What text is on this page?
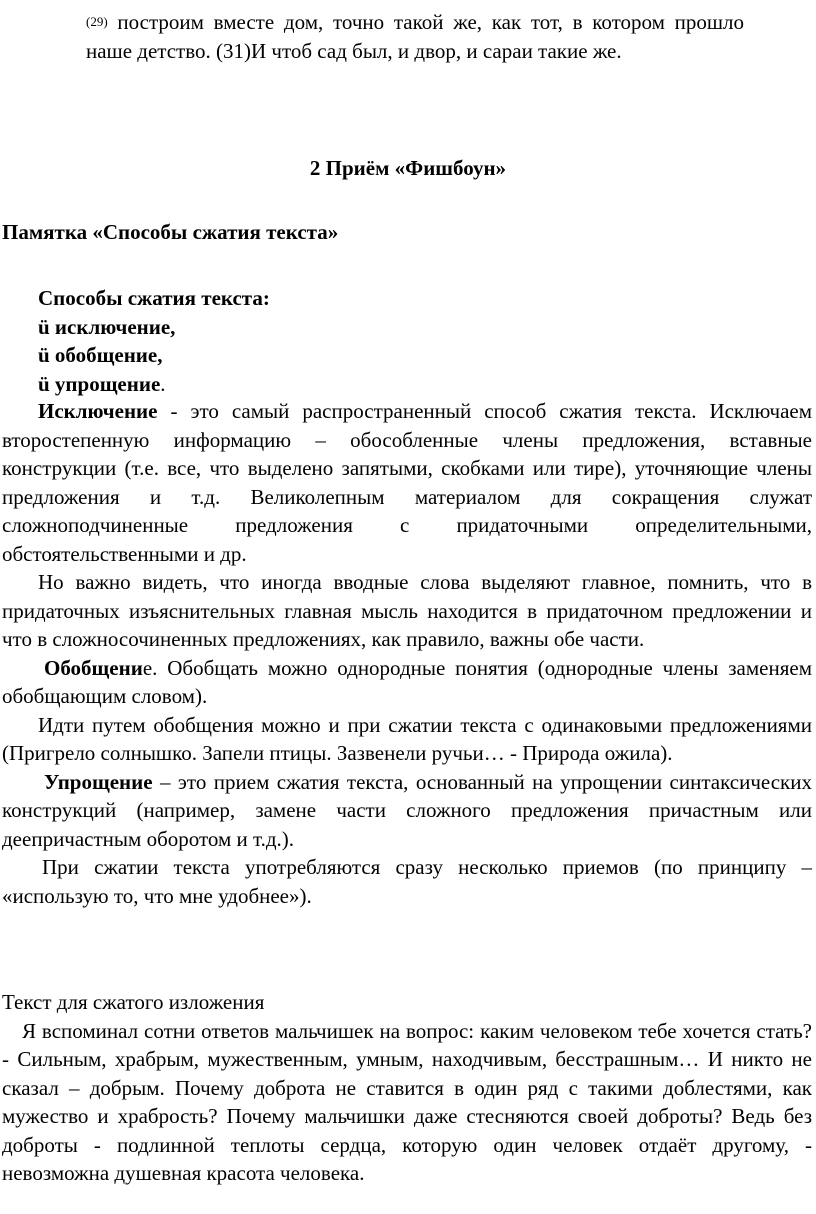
(29) построим вместе дом, точно такой же, как тот, в котором прошло наше детство. (31)И чтоб сад был, и двор, и сараи такие же.

2 Приём «Фишбоун»

Памятка «Способы сжатия текста»

Способы сжатия текста:
ü исключение,
ü обобщение,
ü упрощение.

Исключение - это самый распространенный способ сжатия текста. Исключаем второстепенную информацию – обособленные члены предложения, вставные конструкции (т.е. все, что выделено запятыми, скобками или тире), уточняющие члены предложения и т.д. Великолепным материалом для сокращения служат сложноподчиненные предложения с придаточными определительными, обстоятельственными и др.

Но важно видеть, что иногда вводные слова выделяют главное, помнить, что в придаточных изъяснительных главная мысль находится в придаточном предложении и что в сложносочиненных предложениях, как правило, важны обе части.

Обобщение. Обобщать можно однородные понятия (однородные члены заменяем обобщающим словом).

Идти путем обобщения можно и при сжатии текста с одинаковыми предложениями (Пригрело солнышко. Запели птицы. Зазвенели ручьи… - Природа ожила).

Упрощение – это прием сжатия текста, основанный на упрощении синтаксических конструкций (например, замене части сложного предложения причастным или деепричастным оборотом и т.д.).

При сжатии текста употребляются сразу несколько приемов (по принципу – «использую то, что мне удобнее»).

Текст для сжатого изложения

Я вспоминал сотни ответов мальчишек на вопрос: каким человеком тебе хочется стать? - Сильным, храбрым, мужественным, умным, находчивым, бесстрашным… И никто не сказал – добрым. Почему доброта не ставится в один ряд с такими доблестями, как мужество и храбрость? Почему мальчишки даже стесняются своей доброты? Ведь без доброты - подлинной теплоты сердца, которую один человек отдаёт другому, - невозможна душевная красота человека.
